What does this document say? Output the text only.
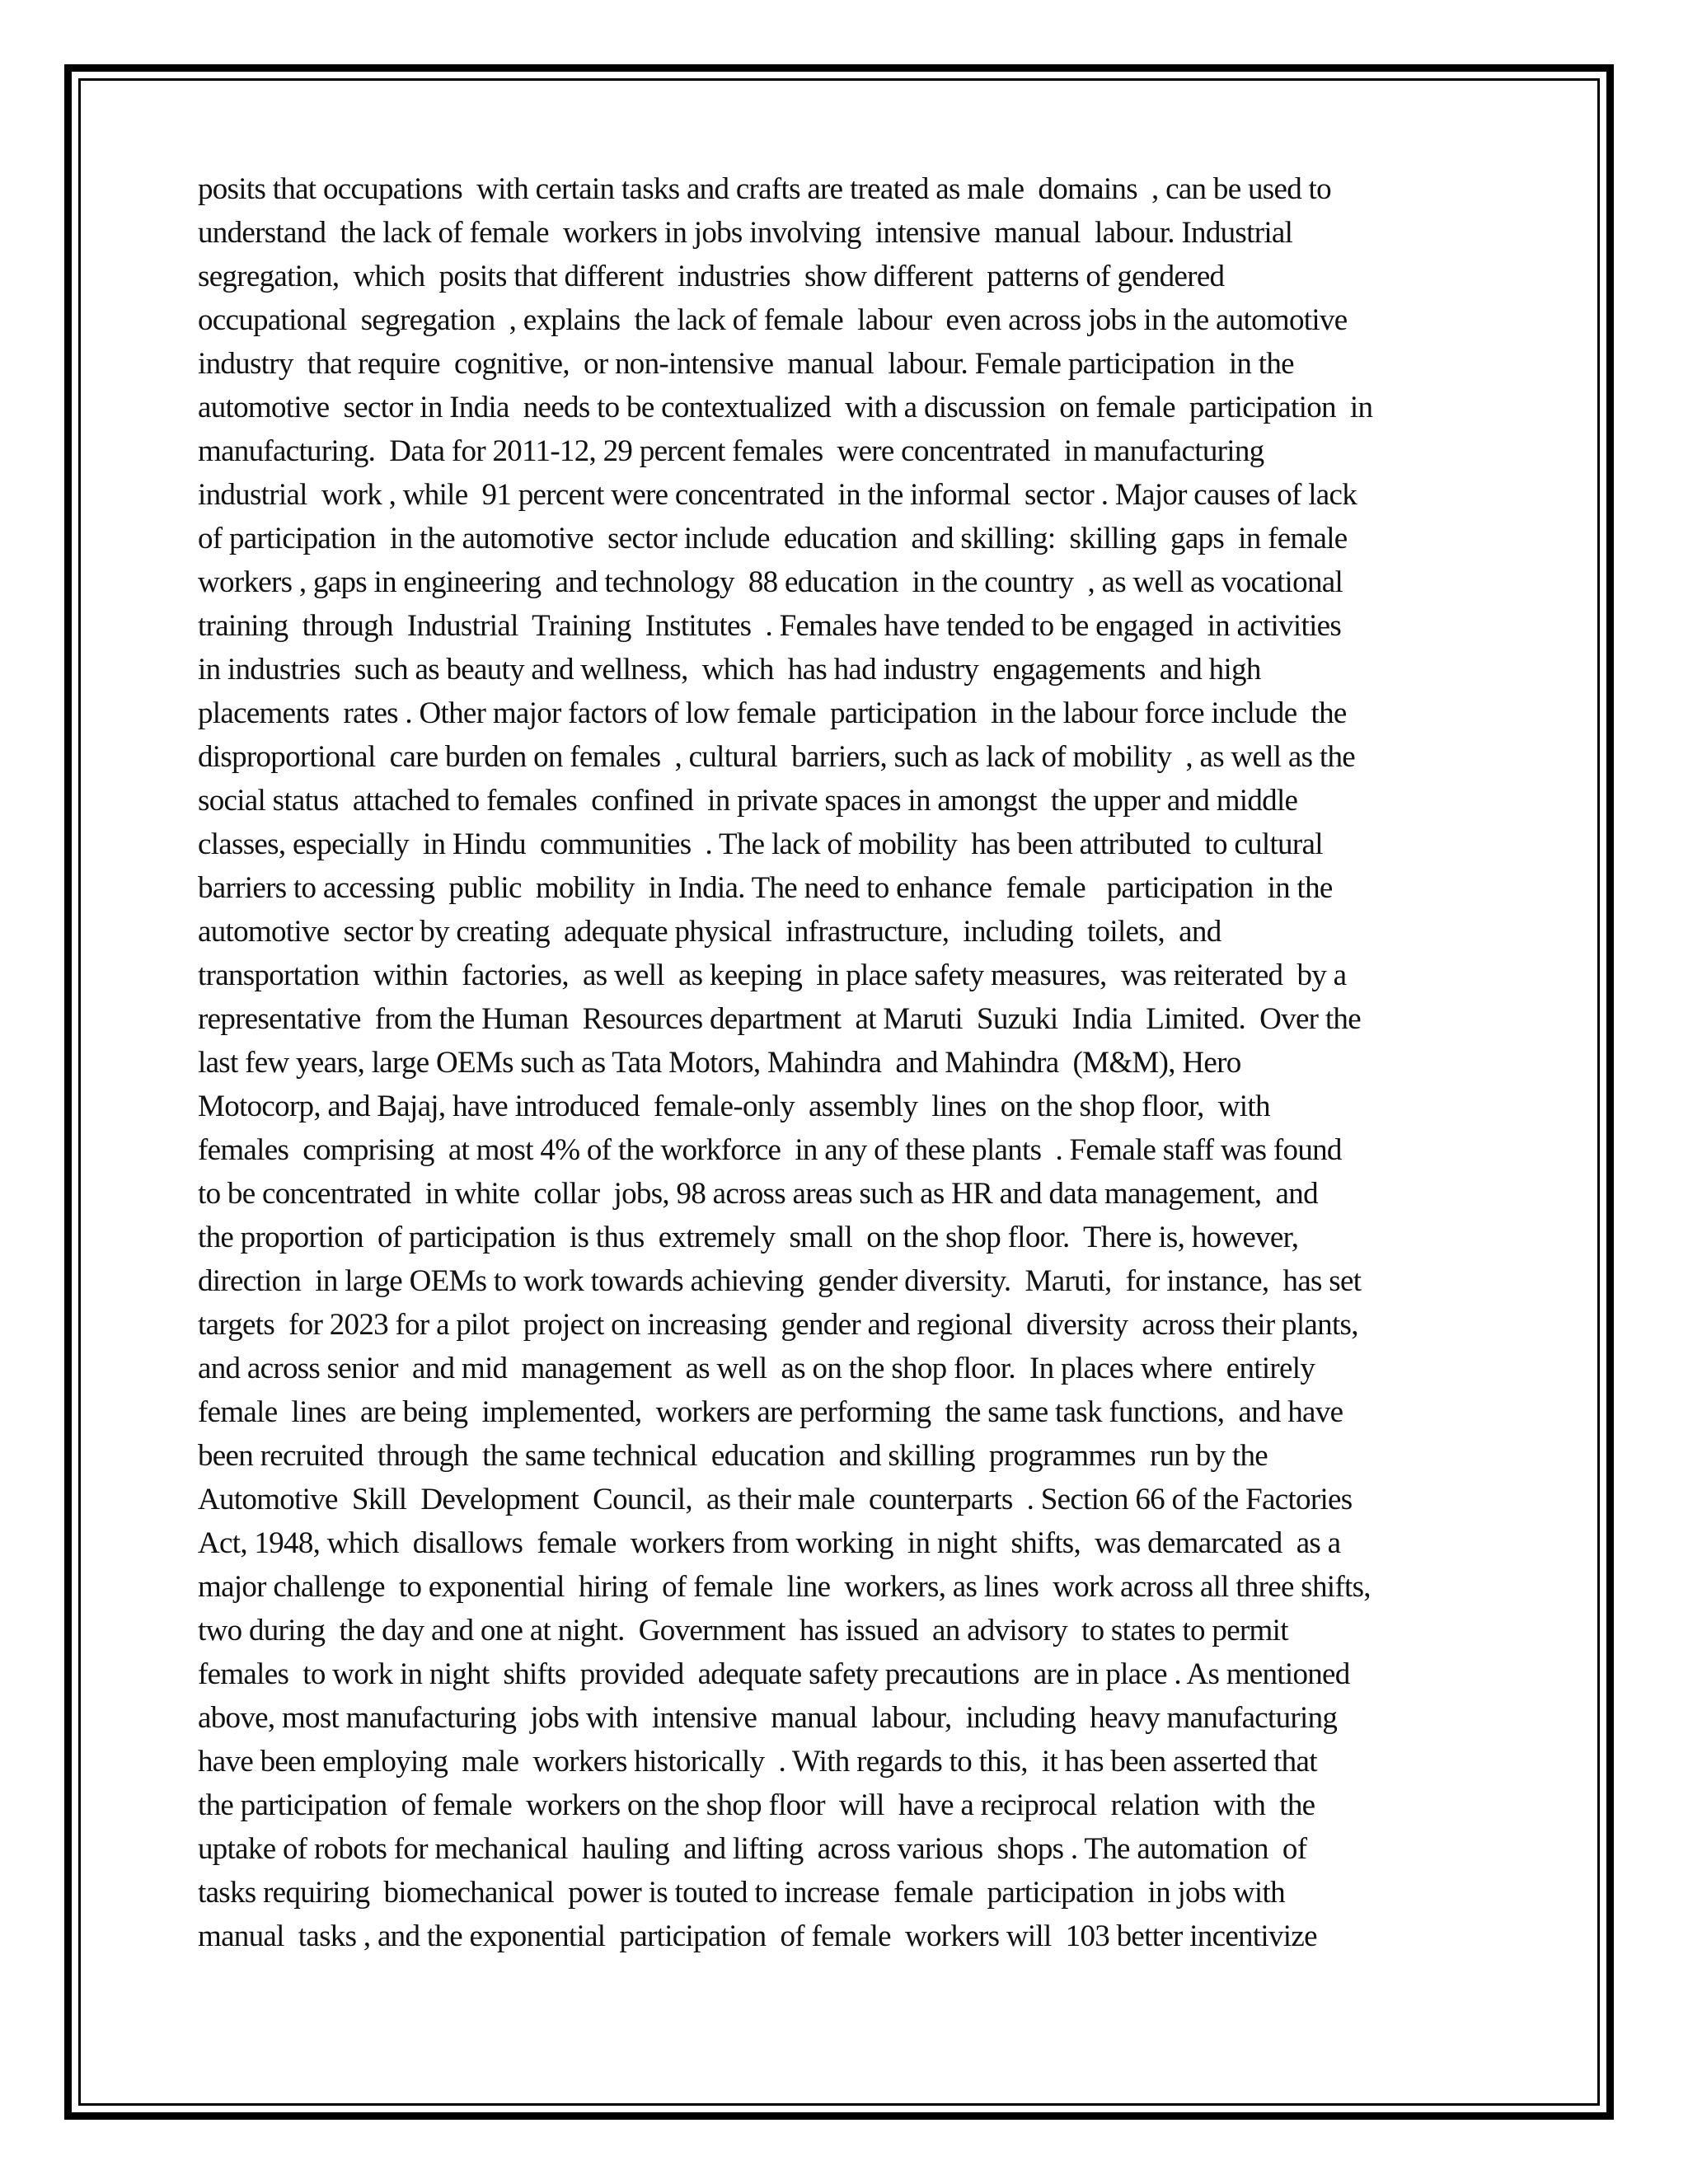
posits that occupations  with certain tasks and crafts are treated as male  domains  , can be used to
understand  the lack of female  workers in jobs involving  intensive  manual  labour. Industrial
segregation,  which  posits that different  industries  show different  patterns of gendered
occupational  segregation  , explains  the lack of female  labour  even across jobs in the automotive
industry  that require  cognitive,  or non-intensive  manual  labour. Female participation  in the
automotive  sector in India  needs to be contextualized  with a discussion  on female  participation  in
manufacturing.  Data for 2011-12, 29 percent females  were concentrated  in manufacturing
industrial  work , while  91 percent were concentrated  in the informal  sector . Major causes of lack
of participation  in the automotive  sector include  education  and skilling:  skilling  gaps  in female
workers , gaps in engineering  and technology  88 education  in the country  , as well as vocational
training  through  Industrial  Training  Institutes  . Females have tended to be engaged  in activities
in industries  such as beauty and wellness,  which  has had industry  engagements  and high
placements  rates . Other major factors of low female  participation  in the labour force include  the
disproportional  care burden on females  , cultural  barriers, such as lack of mobility  , as well as the
social status  attached to females  confined  in private spaces in amongst  the upper and middle
classes, especially  in Hindu  communities  . The lack of mobility  has been attributed  to cultural
barriers to accessing  public  mobility  in India. The need to enhance  female   participation  in the
automotive  sector by creating  adequate physical  infrastructure,  including  toilets,  and
transportation  within  factories,  as well  as keeping  in place safety measures,  was reiterated  by a
representative  from the Human  Resources department  at Maruti  Suzuki  India  Limited.  Over the
last few years, large OEMs such as Tata Motors, Mahindra  and Mahindra  (M&M), Hero
Motocorp, and Bajaj, have introduced  female-only  assembly  lines  on the shop floor,  with
females  comprising  at most 4% of the workforce  in any of these plants  . Female staff was found
to be concentrated  in white  collar  jobs, 98 across areas such as HR and data management,  and
the proportion  of participation  is thus  extremely  small  on the shop floor.  There is, however,
direction  in large OEMs to work towards achieving  gender diversity.  Maruti,  for instance,  has set
targets  for 2023 for a pilot  project on increasing  gender and regional  diversity  across their plants,
and across senior  and mid  management  as well  as on the shop floor.  In places where  entirely
female  lines  are being  implemented,  workers are performing  the same task functions,  and have
been recruited  through  the same technical  education  and skilling  programmes  run by the
Automotive  Skill  Development  Council,  as their male  counterparts  . Section 66 of the Factories
Act, 1948, which  disallows  female  workers from working  in night  shifts,  was demarcated  as a
major challenge  to exponential  hiring  of female  line  workers, as lines  work across all three shifts,
two during  the day and one at night.  Government  has issued  an advisory  to states to permit
females  to work in night  shifts  provided  adequate safety precautions  are in place . As mentioned
above, most manufacturing  jobs with  intensive  manual  labour,  including  heavy manufacturing
have been employing  male  workers historically  . With regards to this,  it has been asserted that
the participation  of female  workers on the shop floor  will  have a reciprocal  relation  with  the
uptake of robots for mechanical  hauling  and lifting  across various  shops . The automation  of
tasks requiring  biomechanical  power is touted to increase  female  participation  in jobs with
manual  tasks , and the exponential  participation  of female  workers will  103 better incentivize
